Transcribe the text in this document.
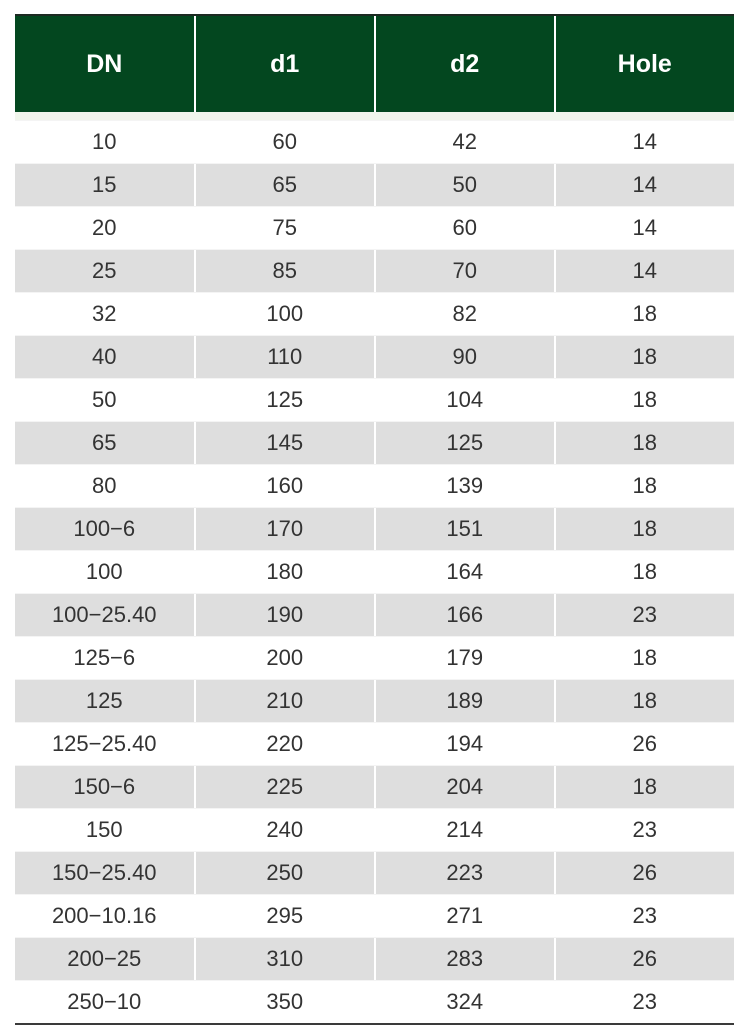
DN	d1	d2	Hole
10	60	42	14
15	65	50	14
20	75	60	14
25	85	70	14
32	100	82	18
40	110	90	18
50	125	104	18
65	145	125	18
80	160	139	18
100−6	170	151	18
100	180	164	18
100−25.40	190	166	23
125−6	200	179	18
125	210	189	18
125−25.40	220	194	26
150−6	225	204	18
150	240	214	23
150−25.40	250	223	26
200−10.16	295	271	23
200−25	310	283	26
250−10	350	324	23
